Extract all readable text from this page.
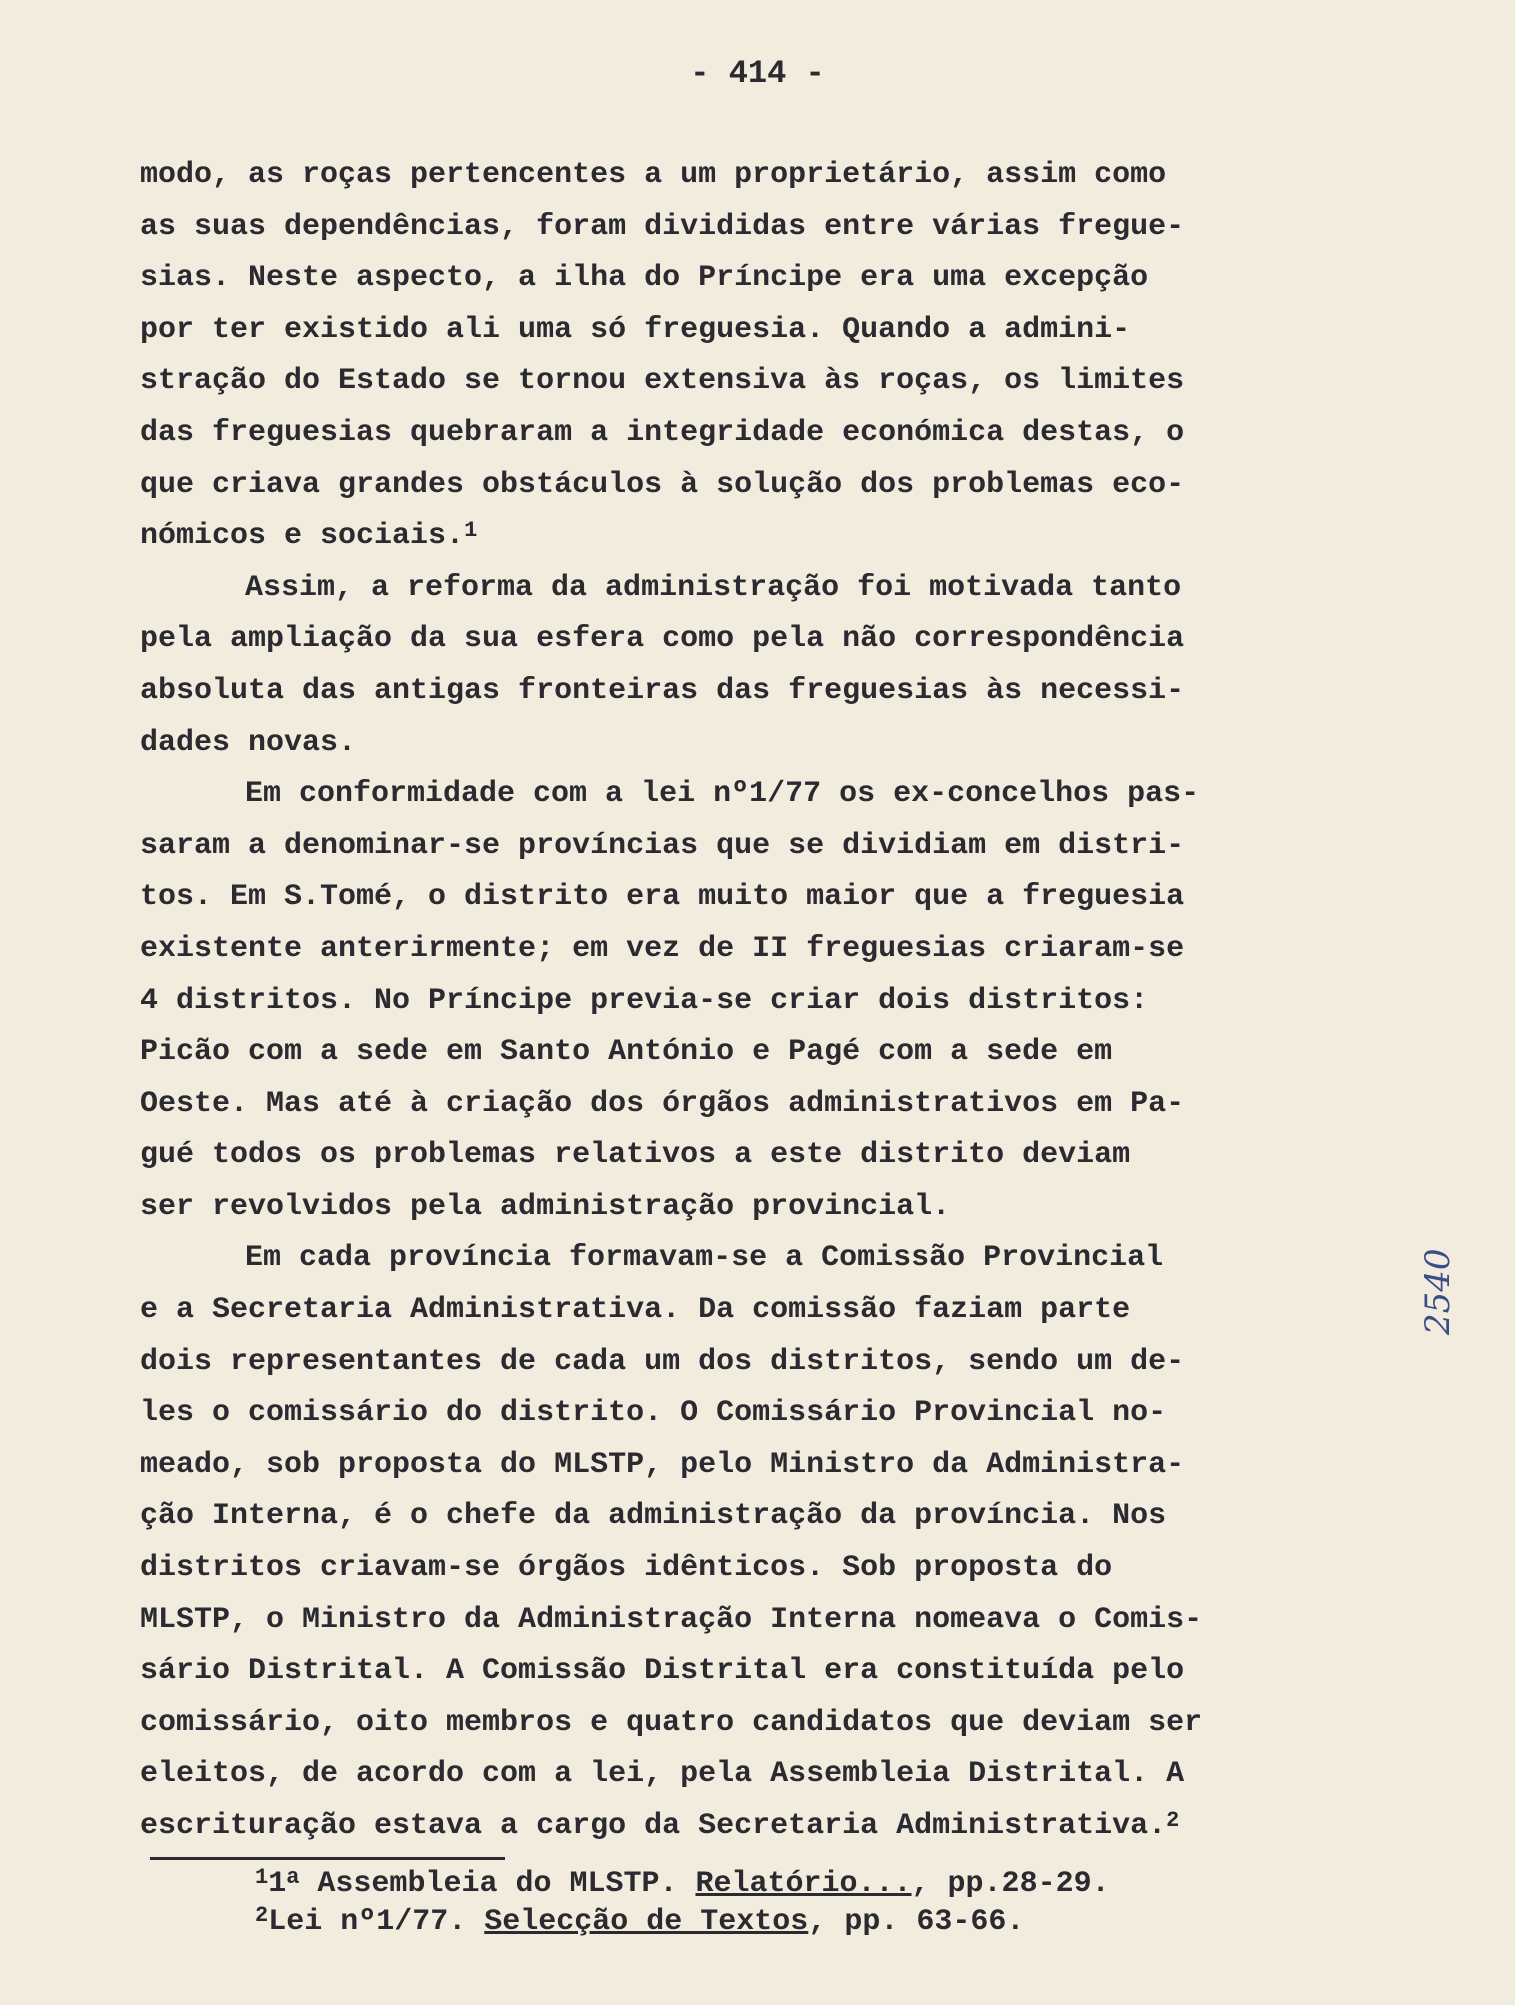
- 414 -
modo, as roças pertencentes a um proprietário, assim como
as suas dependências, foram divididas entre várias fregue-
sias. Neste aspecto, a ilha do Príncipe era uma excepção
por ter existido ali uma só freguesia. Quando a admini-
stração do Estado se tornou extensiva às roças, os limites
das freguesias quebraram a integridade económica destas, o
que criava grandes obstáculos à solução dos problemas eco-
nómicos e sociais.$^1$
Assim, a reforma da administração foi motivada tanto
pela ampliação da sua esfera como pela não correspondência
absoluta das antigas fronteiras das freguesias às necessi-
dades novas.
Em conformidade com a lei nº1/77 os ex-concelhos pas-
saram a denominar-se províncias que se dividiam em distri-
tos. Em S.Tomé, o distrito era muito maior que a freguesia
existente anterirmente; em vez de II freguesias criaram-se
4 distritos. No Príncipe previa-se criar dois distritos:
Picão com a sede em Santo António e Pagé com a sede em
Oeste. Mas até à criação dos órgãos administrativos em Pa-
gué todos os problemas relativos a este distrito deviam
ser revolvidos pela administração provincial.
Em cada província formavam-se a Comissão Provincial
e a Secretaria Administrativa. Da comissão faziam parte
dois representantes de cada um dos distritos, sendo um de-
les o comissário do distrito. O Comissário Provincial no-
meado, sob proposta do MLSTP, pelo Ministro da Administra-
ção Interna, é o chefe da administração da província. Nos
distritos criavam-se órgãos idênticos. Sob proposta do
MLSTP, o Ministro da Administração Interna nomeava o Comis-
sário Distrital. A Comissão Distrital era constituída pelo
comissário, oito membros e quatro candidatos que deviam ser
eleitos, de acordo com a lei, pela Assembleia Distrital. A
escrituração estava a cargo da Secretaria Administrativa.$^2$
$^1$1$^a$ Assembleia do MLSTP. Relatório..., pp.28-29.
$^2$Lei nº1/77. Selecção de Textos, pp. 63-66.
2540
